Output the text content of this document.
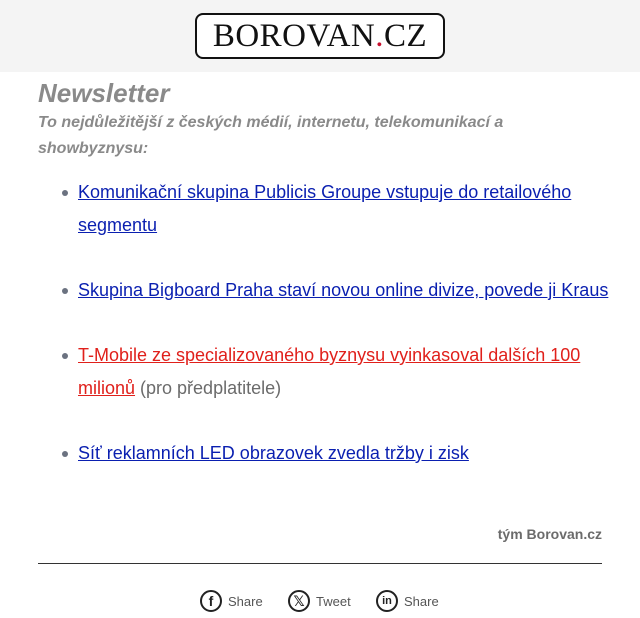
BOROVAN . CZ
Newsletter

To nejdůležitější z českých médií, internetu, telekomunikací a showbyznysu:

Komunikační skupina Publicis Groupe vstupuje do retailového segmentu
Skupina Bigboard Praha staví novou online divize, povede ji Kraus
T-Mobile ze specializovaného byznysu vyinkasoval dalších 100 milionů (pro předplatitele)
Síť reklamních LED obrazovek zvedla tržby i zisk
tým Borovan.cz
f	Share	𝕏 Tweet	in Share
